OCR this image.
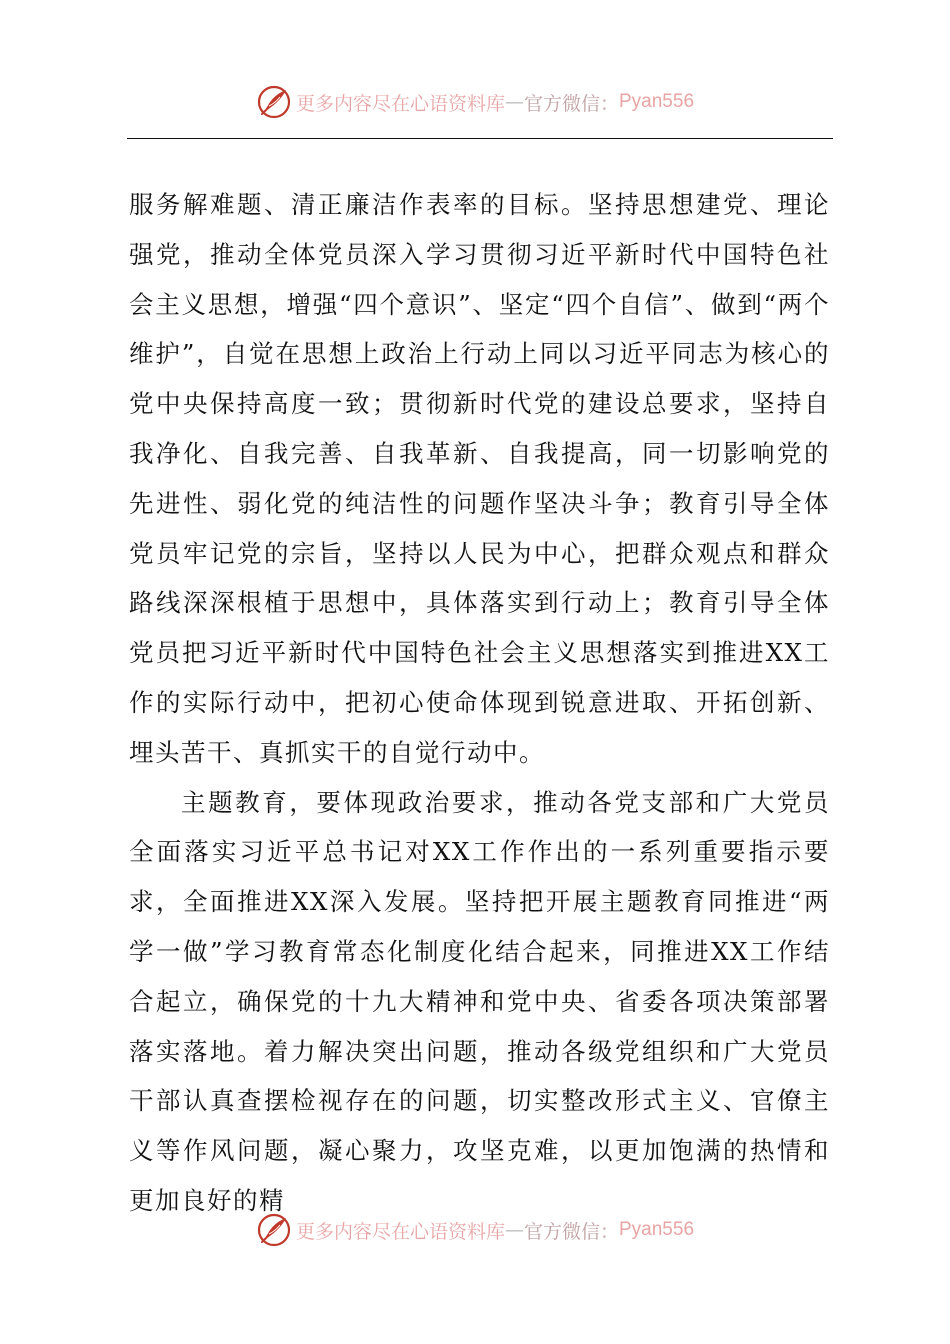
更多内容尽在心语资料库 — 官方微信： Pyan556

服务解难题、清正廉洁作表率的目标。坚持思想建党、理论强党，推动全体党员深入学习贯彻习近平新时代中国特色社会主义思想，增强“四个意识”、坚定“四个自信”、做到“两个维护”，自觉在思想上政治上行动上同以习近平同志为核心的党中央保持高度一致；贯彻新时代党的建设总要求，坚持自我净化、自我完善、自我革新、自我提高，同一切影响党的先进性、弱化党的纯洁性的问题作坚决斗争；教育引导全体党员牢记党的宗旨，坚持以人民为中心，把群众观点和群众路线深深根植于思想中，具体落实到行动上；教育引导全体党员把习近平新时代中国特色社会主义思想落实到推进XX工作的实际行动中，把初心使命体现到锐意进取、开拓创新、埋头苦干、真抓实干的自觉行动中。

主题教育，要体现政治要求，推动各党支部和广大党员全面落实习近平总书记对XX工作作出的一系列重要指示要求，全面推进XX深入发展。坚持把开展主题教育同推进“两学一做”学习教育常态化制度化结合起来，同推进XX工作结合起立，确保党的十九大精神和党中央、省委各项决策部署落实落地。着力解决突出问题，推动各级党组织和广大党员干部认真查摆检视存在的问题，切实整改形式主义、官僚主义等作风问题，凝心聚力，攻坚克难，以更加饱满的热情和更加良好的精

更多内容尽在心语资料库 — 官方微信： Pyan556
